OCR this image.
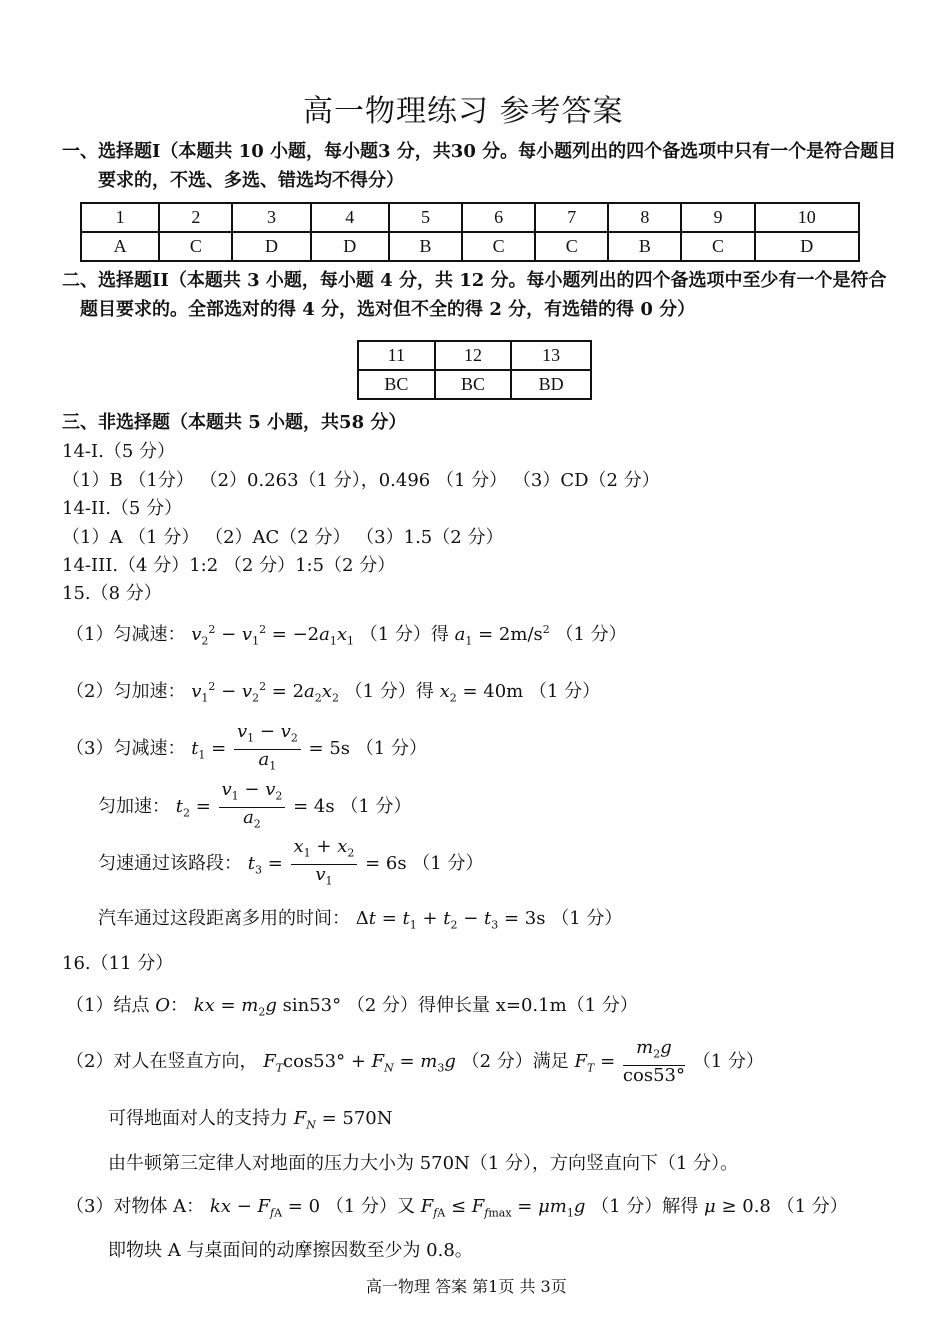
高一物理练习 参考答案
一、选择题I（本题共 10 小题，每小题3 分，共30 分。每小题列出的四个备选项中只有一个是符合题目
要求的，不选、多选、错选均不得分）
1	2	3	4	5	6	7	8	9	10
A	C	D	D	B	C	C	B	C	D
二、选择题II（本题共 3 小题，每小题 4 分，共 12 分。每小题列出的四个备选项中至少有一个是符合
题目要求的。全部选对的得 4 分，选对但不全的得 2 分，有选错的得 0 分）
11	12	13
BC	BC	BD
三、非选择题（本题共 5 小题，共58 分）
14-I.（5 分）
（1）B （1分） （2）0.263（1 分），0.496 （1 分） （3）CD（2 分）
14-II.（5 分）
（1）A （1 分） （2）AC（2 分） （3）1.5（2 分）
14-III.（4 分）1:2 （2 分）1:5（2 分）
15.（8 分）
（1）匀减速： $v_2^2 - v_1^2 = -2a_1x_1$ （1 分）得 $a_1 = 2m/s^2$ （1 分）
（2）匀加速： $v_1^2 - v_2^2 = 2a_2x_2$ （1 分）得 $x_2 = 40m$ （1 分）
（3）匀减速： $t_1 = \frac{v_1 - v_2}{a_1} = 5s$ （1 分）
匀加速： $t_2 = \frac{v_1 - v_2}{a_2} = 4s$ （1 分）
匀速通过该路段： $t_3 = \frac{x_1 + x_2}{v_1} = 6s$ （1 分）
汽车通过这段距离多用的时间： $\Delta t = t_1 + t_2 - t_3 = 3s$ （1 分）
16.（11 分）
（1）结点 O： kx = $m_2g$ sin53° （2 分）得伸长量 x=0.1m（1 分）
（2）对人在竖直方向， $F_T\cos 53^\circ + F_N = m_3g$ （2 分）满足 $F_T = \frac{m_2g}{\cos 53^\circ} (1$ 分）
可得地面对人的支持力 $F_N = 570N$
由牛顿第三定律人对地面的压力大小为 570N（1 分），方向竖直向下（1 分）。
（3）对物体 A： kx − $F_{fA} = 0$ （1 分）又 $F_{fA} \le F_{fmax} = \mu m_1g$ （1 分）解得 μ ≥ 0.8 （1 分）
即物块 A 与桌面间的动摩擦因数至少为 0.8。
高一物理 答案 第1页 共 3页
